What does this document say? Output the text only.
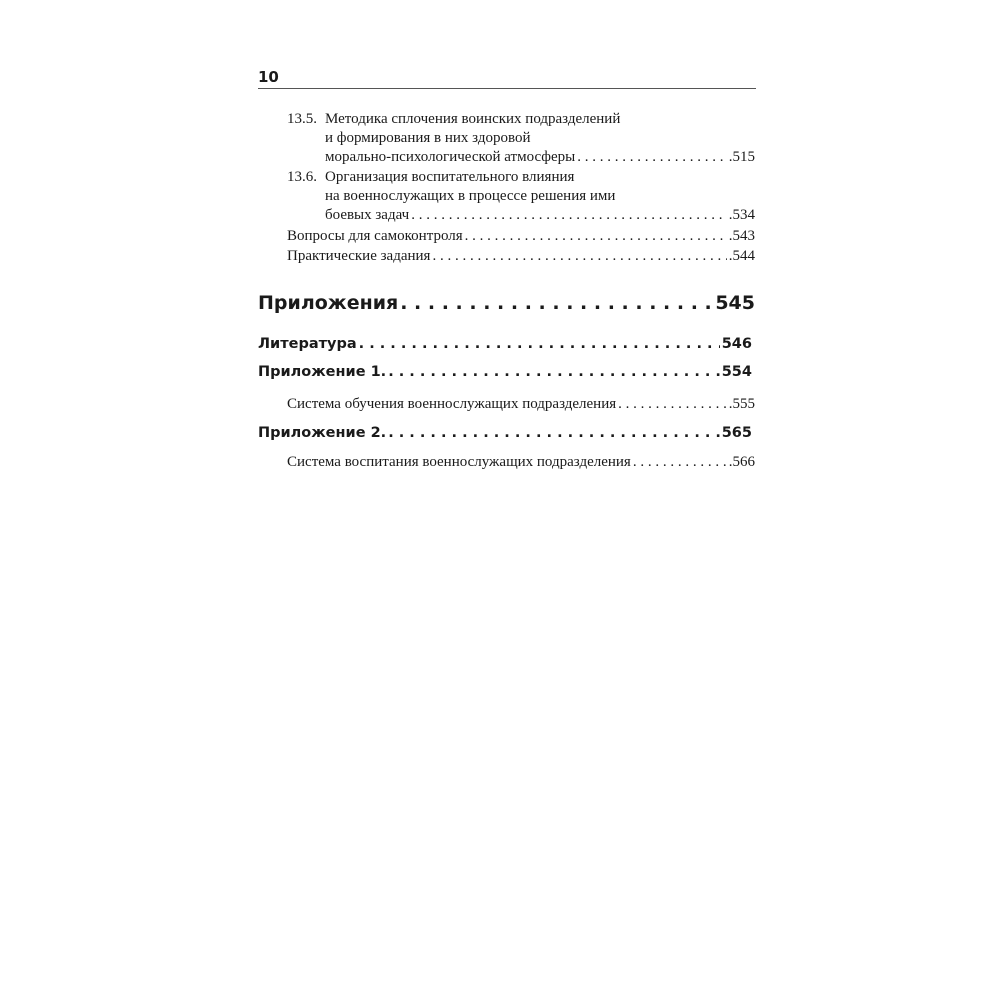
10
13.5. Методика сплочения воинских подразделений
и формирования в них здоровой
морально-психологической атмосферы . . .	.515
13.6. Организация воспитательного влияния
на военнослужащих в процессе решения ими
боевых задач . . .	.534
Вопросы для самоконтроля . . .	.543
Практические задания . . .	.544
Приложения . . .	545
Литература . . .	546
Приложение 1. . . .	554
Система обучения военнослужащих подразделения . . .	.555
Приложение 2. . . .	565
Система воспитания военнослужащих подразделения . . .	.566
